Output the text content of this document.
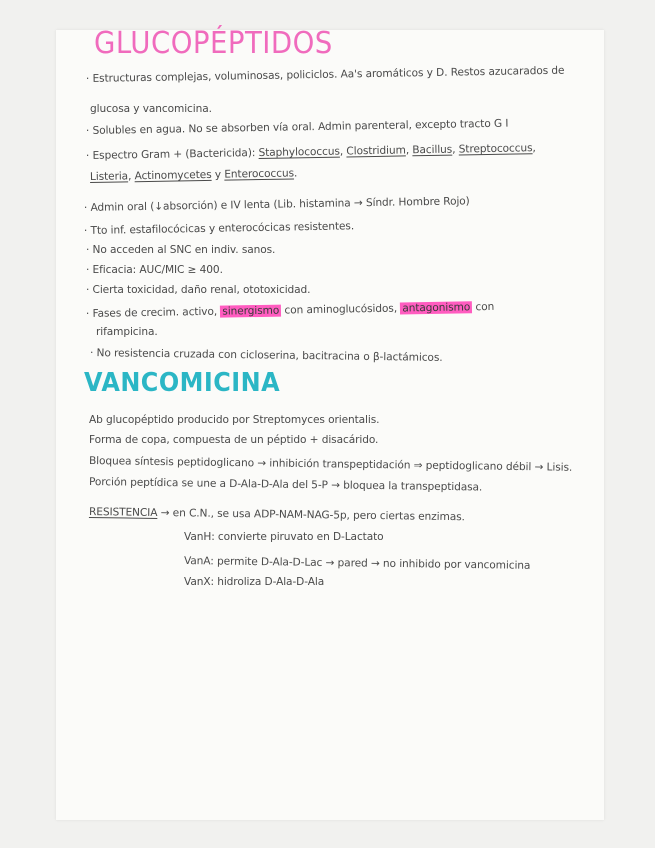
GLUCOPÉPTIDOS
· Estructuras complejas, voluminosas, policiclos. Aa's aromáticos y D. Restos azucarados de
glucosa y vancomicina.
· Solubles en agua. No se absorben vía oral. Admin parenteral, excepto tracto G I
· Espectro Gram + (Bactericida): Staphylococcus, Clostridium, Bacillus, Streptococcus,
Listeria, Actinomycetes y Enterococcus.
· Admin oral (↓absorción) e IV lenta (Lib. histamina → Síndr. Hombre Rojo)
· Tto inf. estafilocócicas y enterocócicas resistentes.
· No acceden al SNC en indiv. sanos.
· Eficacia: AUC/MIC ≥ 400.
· Cierta toxicidad, daño renal, ototoxicidad.
· Fases de crecim. activo, sinergismo con aminoglucósidos, antagonismo con
rifampicina.
· No resistencia cruzada con cicloserina, bacitracina o β-lactámicos.
VANCOMICINA
Ab glucopéptido producido por Streptomyces orientalis.
Forma de copa, compuesta de un péptido + disacárido.
Bloquea síntesis peptidoglicano → inhibición transpeptidación ⇒ peptidoglicano débil → Lisis.
Porción peptídica se une a D-Ala-D-Ala del 5-P → bloquea la transpeptidasa.
RESISTENCIA → en C.N., se usa ADP-NAM-NAG-5p, pero ciertas enzimas.
VanH: convierte piruvato en D-Lactato
VanA: permite D-Ala-D-Lac → pared → no inhibido por vancomicina
VanX: hidroliza D-Ala-D-Ala
